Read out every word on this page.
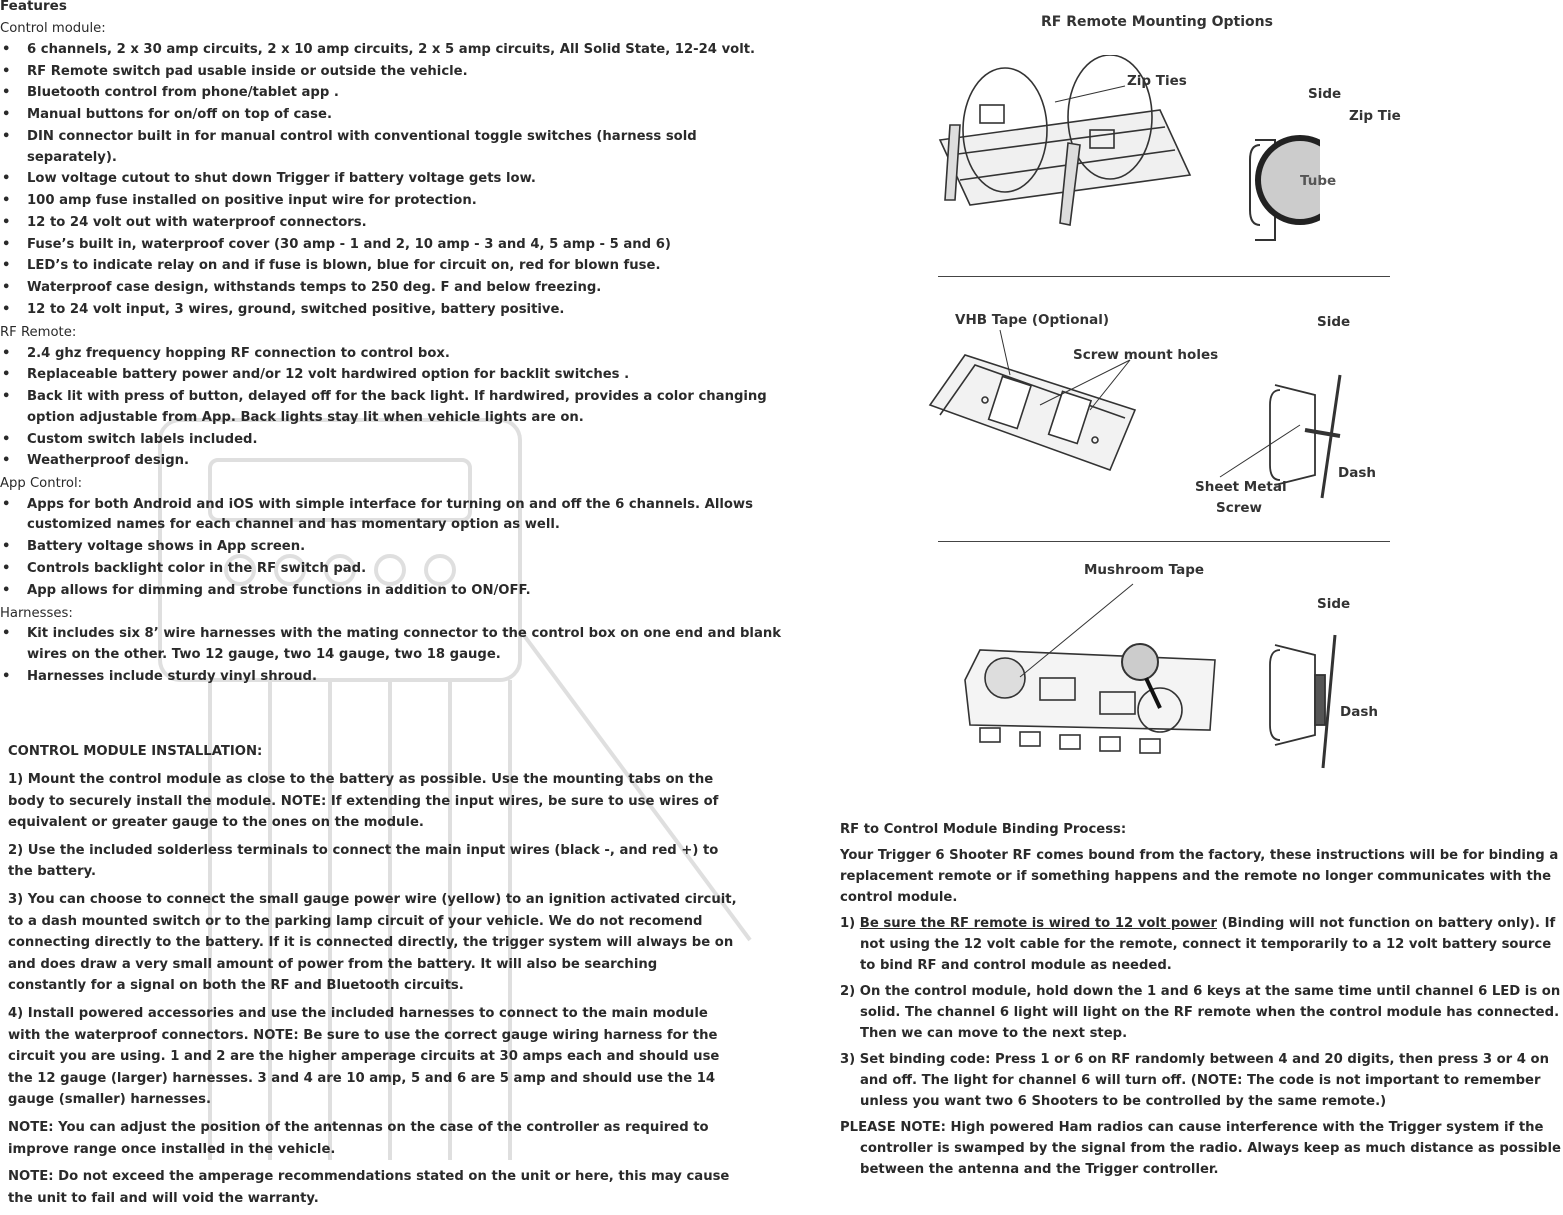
Features

Control module:

• 6 channels, 2 x 30 amp circuits, 2 x 10 amp circuits, 2 x 5 amp circuits, All Solid State, 12-24 volt.
• RF Remote switch pad usable inside or outside the vehicle.
• Bluetooth control from phone/tablet app .
• Manual buttons for on/off on top of case.
• DIN connector built in for manual control with conventional toggle switches (harness sold separately).
• Low voltage cutout to shut down Trigger if battery voltage gets low.
• 100 amp fuse installed on positive input wire for protection.
• 12 to 24 volt out with waterproof connectors.
• Fuse’s built in, waterproof cover (30 amp - 1 and 2, 10 amp - 3 and 4, 5 amp - 5 and 6)
• LED’s to indicate relay on and if fuse is blown, blue for circuit on, red for blown fuse.
• Waterproof case design, withstands temps to 250 deg. F and below freezing.
• 12 to 24 volt input, 3 wires, ground, switched positive, battery positive.

RF Remote:

• 2.4 ghz frequency hopping RF connection to control box.
• Replaceable battery power and/or 12 volt hardwired option for backlit switches .
• Back lit with press of button, delayed off for the back light. If hardwired, provides a color changing option adjustable from App. Back lights stay lit when vehicle lights are on.
• Custom switch labels included.
• Weatherproof design.

App Control:

• Apps for both Android and iOS with simple interface for turning on and off the 6 channels. Allows customized names for each channel and has momentary option as well.
• Battery voltage shows in App screen.
• Controls backlight color in the RF switch pad.
• App allows for dimming and strobe functions in addition to ON/OFF.

Harnesses:

• Kit includes six 8’ wire harnesses with the mating connector to the control box on one end and blank wires on the other. Two 12 gauge, two 14 gauge, two 18 gauge.
• Harnesses include sturdy vinyl shroud.
CONTROL MODULE INSTALLATION:

1) Mount the control module as close to the battery as possible. Use the mounting tabs on the body to securely install the module. NOTE: If extending the input wires, be sure to use wires of equivalent or greater gauge to the ones on the module.

2) Use the included solderless terminals to connect the main input wires (black -, and red +) to the battery.

3) You can choose to connect the small gauge power wire (yellow) to an ignition activated circuit, to a dash mounted switch or to the parking lamp circuit of your vehicle. We do not recomend connecting directly to the battery. If it is connected directly, the trigger system will always be on and does draw a very small amount of power from the battery. It will also be searching constantly for a signal on both the RF and Bluetooth circuits.

4) Install powered accessories and use the included harnesses to connect to the main module with the waterproof connectors. NOTE: Be sure to use the correct gauge wiring harness for the circuit you are using. 1 and 2 are the higher amperage circuits at 30 amps each and should use the 12 gauge (larger) harnesses. 3 and 4 are 10 amp, 5 and 6 are 5 amp and should use the 14 gauge (smaller) harnesses.

NOTE: You can adjust the position of the antennas on the case of the controller as required to improve range once installed in the vehicle.

NOTE: Do not exceed the amperage recommendations stated on the unit or here, this may cause the unit to fail and will void the warranty.

RF Remote Mounting Options
Zip Ties
Side
Zip Tie
Tube
VHB Tape (Optional)	Side
Screw mount holes
Dash
Sheet Metal
Screw
Mushroom Tape
Side
Dash
RF to Control Module Binding Process:

Your Trigger 6 Shooter RF comes bound from the factory, these instructions will be for binding a replacement remote or if something happens and the remote no longer communicates with the control module.

1) Be sure the RF remote is wired to 12 volt power (Binding will not function on battery only). If not using the 12 volt cable for the remote, connect it temporarily to a 12 volt battery source to bind RF and control module as needed.

2) On the control module, hold down the 1 and 6 keys at the same time until channel 6 LED is on solid. The channel 6 light will light on the RF remote when the control module has connected. Then we can move to the next step.

3) Set binding code: Press 1 or 6 on RF randomly between 4 and 20 digits, then press 3 or 4 on and off. The light for channel 6 will turn off. (NOTE: The code is not important to remember unless you want two 6 Shooters to be controlled by the same remote.)

PLEASE NOTE: High powered Ham radios can cause interference with the Trigger system if the controller is swamped by the signal from the radio. Always keep as much distance as possible between the antenna and the Trigger controller.
